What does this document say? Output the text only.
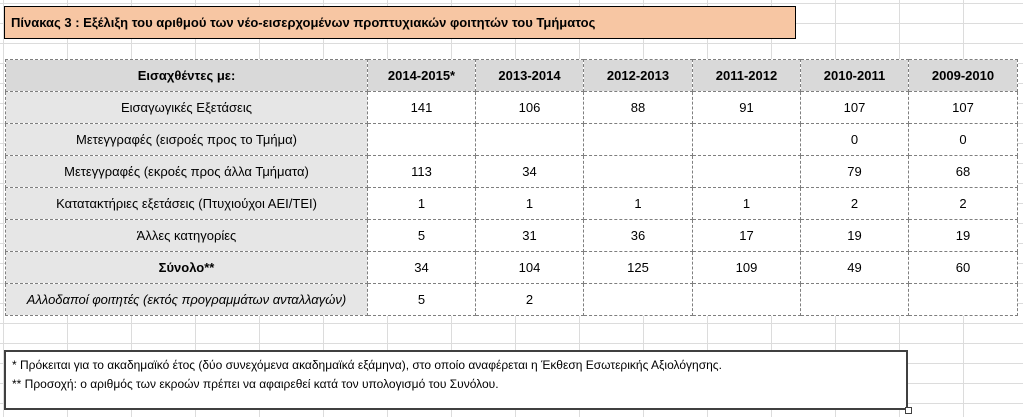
Πίνακας 3 : Εξέλιξη του αριθμού των νέο-εισερχομένων προπτυχιακών φοιτητών του Τμήματος
Εισαχθέντες με:	2014-2015*	2013-2014	2012-2013	2011-2012	2010-2011	2009-2010
Εισαγωγικές Εξετάσεις	141	106	88	91	107	107
Μετεγγραφές (εισροές προς το Τμήμα)					0	0
Μετεγγραφές (εκροές προς άλλα Τμήματα)	113	34			79	68
Κατατακτήριες εξετάσεις (Πτυχιούχοι ΑΕΙ/ΤΕΙ)	1	1	1	1	2	2
Άλλες κατηγορίες	5	31	36	17	19	19
Σύνολο**	34	104	125	109	49	60
Αλλοδαποί φοιτητές (εκτός προγραμμάτων ανταλλαγών)	5	2				
* Πρόκειται για το ακαδημαϊκό έτος (δύο συνεχόμενα ακαδημαϊκά εξάμηνα), στο οποίο αναφέρεται η Έκθεση Εσωτερικής Αξιολόγησης.
** Προσοχή: ο αριθμός των εκροών πρέπει να αφαιρεθεί κατά τον υπολογισμό του Συνόλου.
